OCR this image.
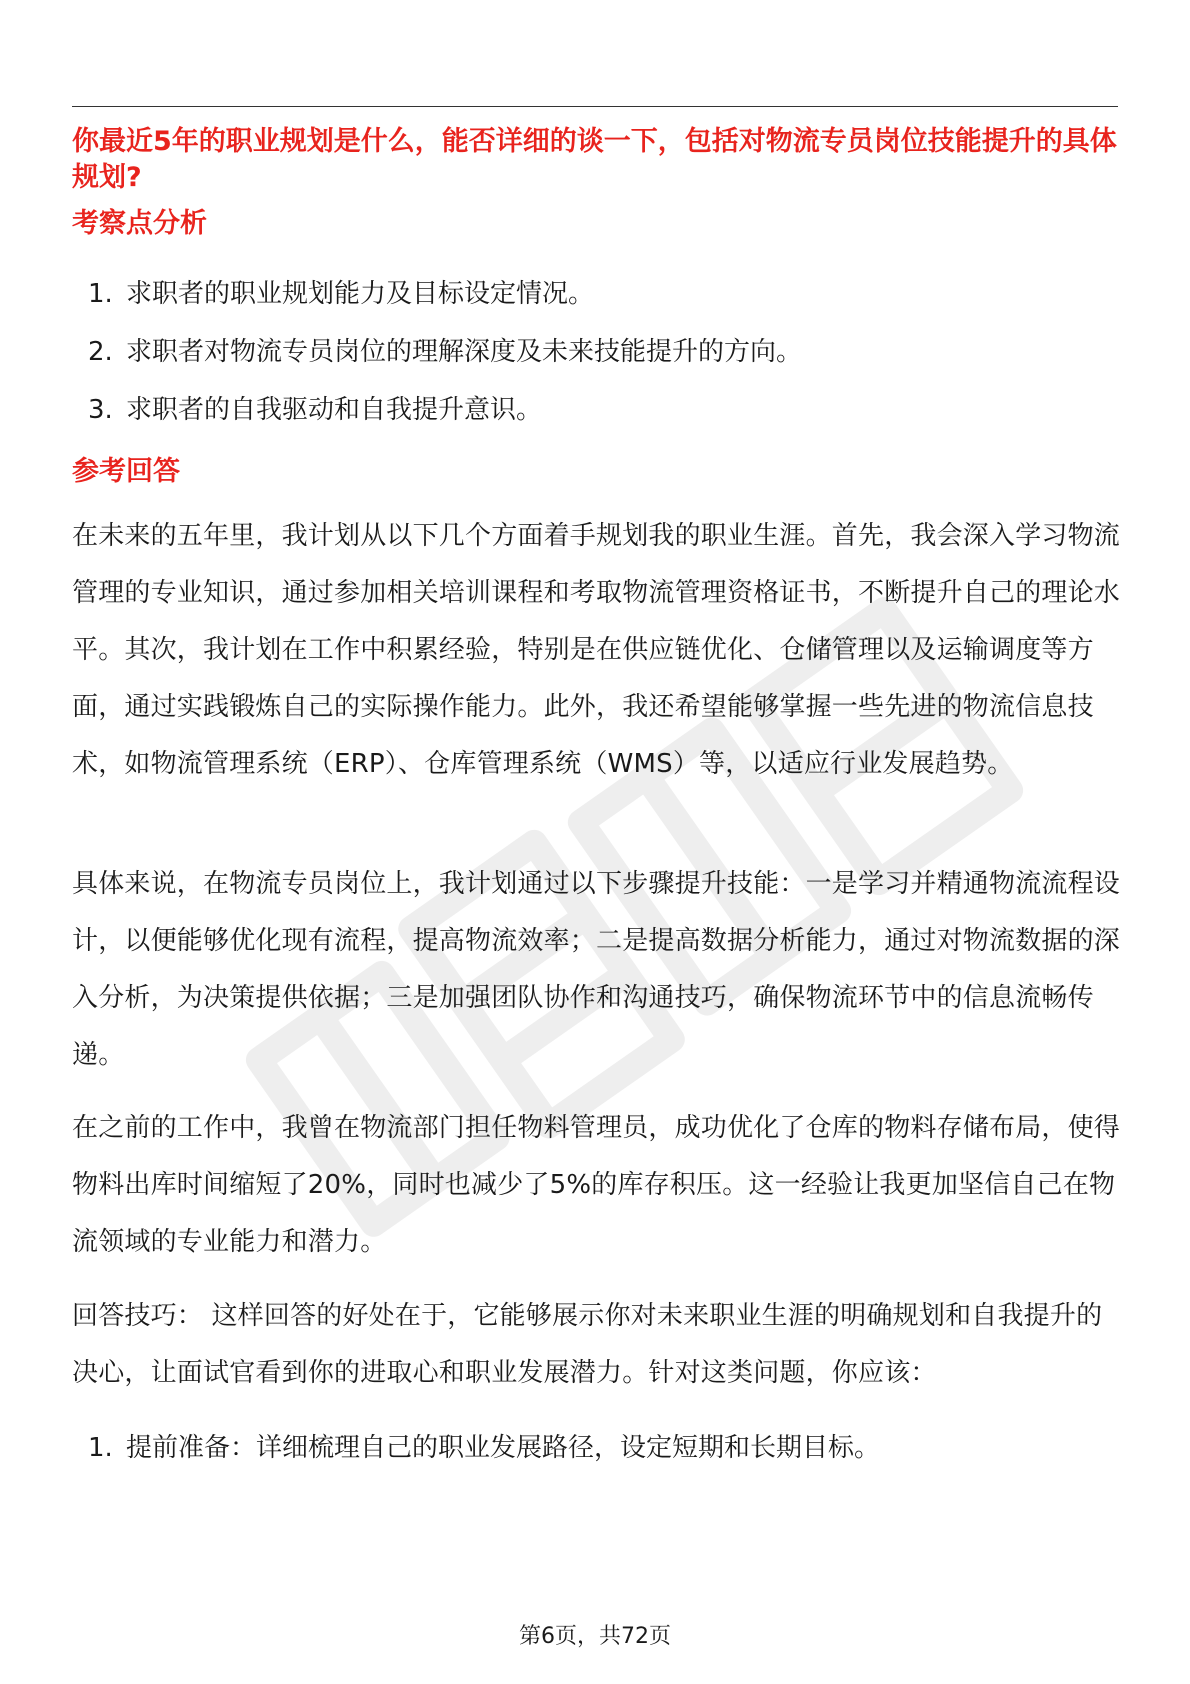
你最近5年的职业规划是什么，能否详细的谈一下，包括对物流专员岗位技能提升的具体规划?
考察点分析
1. 求职者的职业规划能力及目标设定情况。
2. 求职者对物流专员岗位的理解深度及未来技能提升的方向。
3. 求职者的自我驱动和自我提升意识。
参考回答

在未来的五年里，我计划从以下几个方面着手规划我的职业生涯。首先，我会深入学习物流管理的专业知识，通过参加相关培训课程和考取物流管理资格证书，不断提升自己的理论水平。其次，我计划在工作中积累经验，特别是在供应链优化、仓储管理以及运输调度等方面，通过实践锻炼自己的实际操作能力。此外，我还希望能够掌握一些先进的物流信息技术，如物流管理系统（ERP）、仓库管理系统（WMS）等，以适应行业发展趋势。

具体来说，在物流专员岗位上，我计划通过以下步骤提升技能：一是学习并精通物流流程设计，以便能够优化现有流程，提高物流效率；二是提高数据分析能力，通过对物流数据的深入分析，为决策提供依据；三是加强团队协作和沟通技巧，确保物流环节中的信息流畅传递。

在之前的工作中，我曾在物流部门担任物料管理员，成功优化了仓库的物料存储布局，使得物料出库时间缩短了20%，同时也减少了5%的库存积压。这一经验让我更加坚信自己在物流领域的专业能力和潜力。

回答技巧： 这样回答的好处在于，它能够展示你对未来职业生涯的明确规划和自我提升的决心，让面试官看到你的进取心和职业发展潜力。针对这类问题，你应该：

1. 提前准备：详细梳理自己的职业发展路径，设定短期和长期目标。
第6页，共72页
